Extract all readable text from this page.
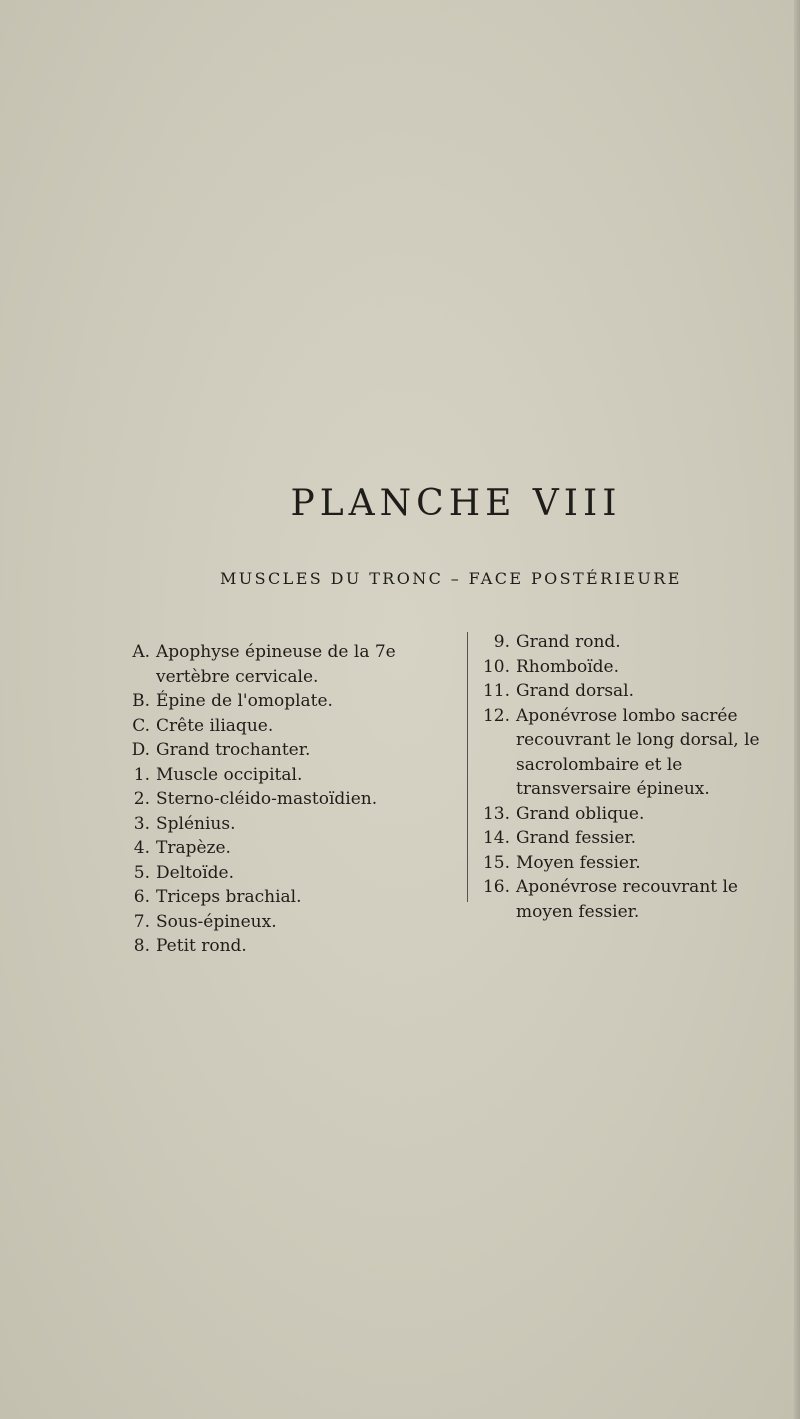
PLANCHE VIII

MUSCLES DU TRONC – FACE POSTÉRIEURE

A. Apophyse épineuse de la 7e vertèbre cervicale.
B. Épine de l'omoplate.
C. Crête iliaque.
D. Grand trochanter.
1. Muscle occipital.
2. Sterno-cléido-mastoïdien.
3. Splénius.
4. Trapèze.
5. Deltoïde.
6. Triceps brachial.
7. Sous-épineux.
8. Petit rond.
9. Grand rond.
10. Rhomboïde.
11. Grand dorsal.
12. Aponévrose lombo sacrée recouvrant le long dorsal, le sacrolombaire et le transversaire épineux.
13. Grand oblique.
14. Grand fessier.
15. Moyen fessier.
16. Aponévrose recouvrant le moyen fessier.
